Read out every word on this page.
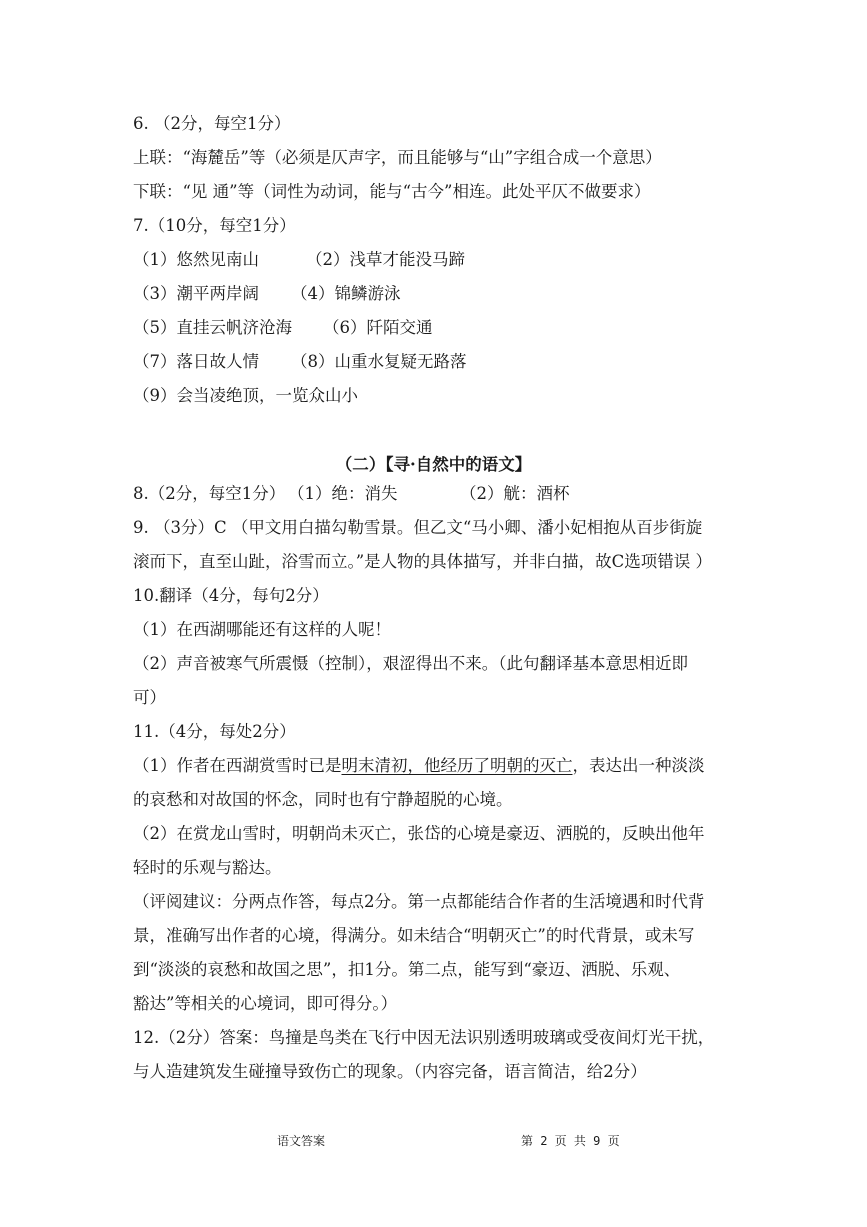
6. （2分，每空1分）
上联：“海麓岳”等（必须是仄声字，而且能够与“山”字组合成一个意思）
下联：“见 通”等（词性为动词，能与“古今”相连。此处平仄不做要求）
7.（10分，每空1分）
（1）悠然见南山	（2）浅草才能没马蹄
（3）潮平两岸阔 （4）锦鳞游泳
（5）直挂云帆济沧海 （6）阡陌交通
（7）落日故人情 （8）山重水复疑无路落
（9）会当凌绝顶，一览众山小
（二）【寻·自然中的语文】
8.（2分，每空1分） （1）绝：消失	（2）觥：酒杯
9. （3分）C （甲文用白描勾勒雪景。但乙文“马小卿、潘小妃相抱从百步街旋
滚而下，直至山趾，浴雪而立。”是人物的具体描写，并非白描，故C选项错误 ）
10.翻译（4分，每句2分）
（1）在西湖哪能还有这样的人呢！
（2）声音被寒气所震慑（控制），艰涩得出不来。（此句翻译基本意思相近即
可）
11.（4分，每处2分）
（1）作者在西湖赏雪时已是明末清初，他经历了明朝的灭亡，表达出一种淡淡
的哀愁和对故国的怀念，同时也有宁静超脱的心境。
（2）在赏龙山雪时，明朝尚未灭亡，张岱的心境是豪迈、洒脱的，反映出他年
轻时的乐观与豁达。
（评阅建议：分两点作答，每点2分。第一点都能结合作者的生活境遇和时代背
景，准确写出作者的心境，得满分。如未结合“明朝灭亡”的时代背景，或未写
到“淡淡的哀愁和故国之思”，扣1分。第二点，能写到“豪迈、洒脱、乐观、
豁达”等相关的心境词，即可得分。）
12.（2分）答案：鸟撞是鸟类在飞行中因无法识别透明玻璃或受夜间灯光干扰，
与人造建筑发生碰撞导致伤亡的现象。（内容完备，语言简洁，给2分）
语文答案	第 2 页 共 9 页
